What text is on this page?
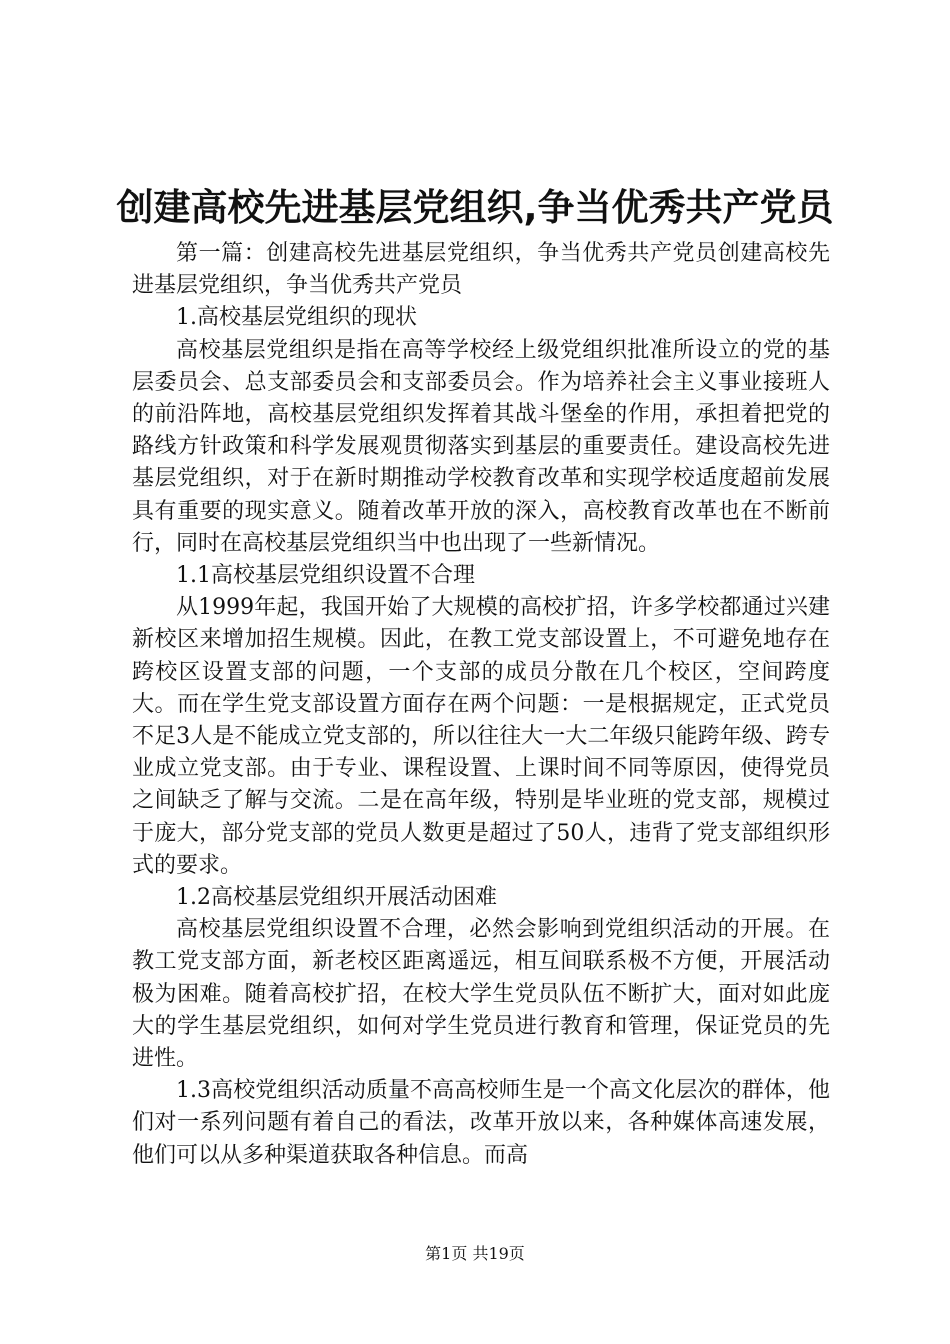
创建高校先进基层党组织,争当优秀共产党员

第一篇：创建高校先进基层党组织，争当优秀共产党员创建高校先进基层党组织，争当优秀共产党员

1.高校基层党组织的现状

高校基层党组织是指在高等学校经上级党组织批准所设立的党的基层委员会、总支部委员会和支部委员会。作为培养社会主义事业接班人的前沿阵地，高校基层党组织发挥着其战斗堡垒的作用，承担着把党的路线方针政策和科学发展观贯彻落实到基层的重要责任。建设高校先进基层党组织，对于在新时期推动学校教育改革和实现学校适度超前发展具有重要的现实意义。随着改革开放的深入，高校教育改革也在不断前行，同时在高校基层党组织当中也出现了一些新情况。

1.1高校基层党组织设置不合理

从1999年起，我国开始了大规模的高校扩招，许多学校都通过兴建新校区来增加招生规模。因此，在教工党支部设置上，不可避免地存在跨校区设置支部的问题，一个支部的成员分散在几个校区，空间跨度大。而在学生党支部设置方面存在两个问题：一是根据规定，正式党员不足3人是不能成立党支部的，所以往往大一大二年级只能跨年级、跨专业成立党支部。由于专业、课程设置、上课时间不同等原因，使得党员之间缺乏了解与交流。二是在高年级，特别是毕业班的党支部，规模过于庞大，部分党支部的党员人数更是超过了50人，违背了党支部组织形式的要求。

1.2高校基层党组织开展活动困难

高校基层党组织设置不合理，必然会影响到党组织活动的开展。在教工党支部方面，新老校区距离遥远，相互间联系极不方便，开展活动极为困难。随着高校扩招，在校大学生党员队伍不断扩大，面对如此庞大的学生基层党组织，如何对学生党员进行教育和管理，保证党员的先进性。

1.3高校党组织活动质量不高高校师生是一个高文化层次的群体，他们对一系列问题有着自己的看法，改革开放以来，各种媒体高速发展，他们可以从多种渠道获取各种信息。而高

第1页 共19页
